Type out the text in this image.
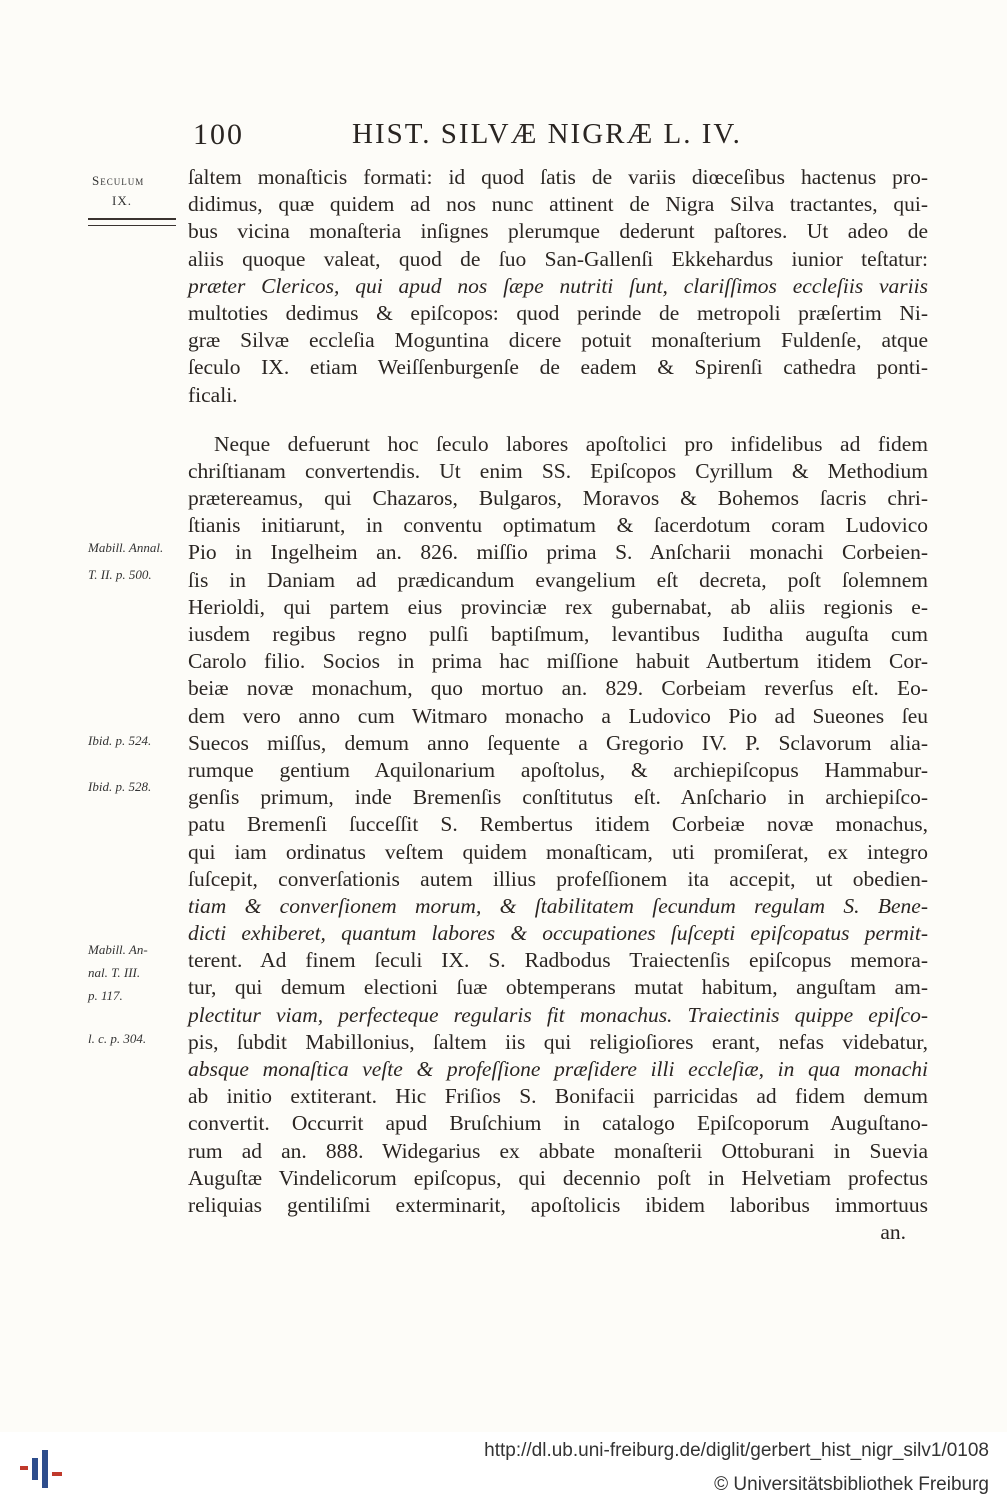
100	HIST. SILVÆ NIGRÆ L. IV.
Seculum
IX.
Mabill. Annal.
T. II. p. 500.
Ibid. p. 524.
Ibid. p. 528.
Mabill. An-
nal. T. III.
p. 117.
l. c. p. 304.
ſaltem monaſticis formati: id quod ſatis de variis diœceſibus hactenus pro-
didimus, quæ quidem ad nos nunc attinent de Nigra Silva tractantes, qui-
bus vicina monaſteria inſignes plerumque dederunt paſtores. Ut adeo de
aliis quoque valeat, quod de ſuo San-Gallenſi Ekkehardus iunior teſtatur:
præter Clericos, qui apud nos ſæpe nutriti ſunt, clariſſimos eccleſiis variis
multoties dedimus & epiſcopos: quod perinde de metropoli præſertim Ni-
græ Silvæ eccleſia Moguntina dicere potuit monaſterium Fuldenſe, atque
ſeculo IX. etiam Weiſſenburgenſe de eadem & Spirenſi cathedra ponti-
ficali.
Neque defuerunt hoc ſeculo labores apoſtolici pro infidelibus ad fidem
chriſtianam convertendis. Ut enim SS. Epiſcopos Cyrillum & Methodium
prætereamus, qui Chazaros, Bulgaros, Moravos & Bohemos ſacris chri-
ſtianis initiarunt, in conventu optimatum & ſacerdotum coram Ludovico
Pio in Ingelheim an. 826. miſſio prima S. Anſcharii monachi Corbeien-
ſis in Daniam ad prædicandum evangelium eſt decreta, poſt ſolemnem
Herioldi, qui partem eius provinciæ rex gubernabat, ab aliis regionis e-
iusdem regibus regno pulſi baptiſmum, levantibus Iuditha auguſta cum
Carolo filio. Socios in prima hac miſſione habuit Autbertum itidem Cor-
beiæ novæ monachum, quo mortuo an. 829. Corbeiam reverſus eſt. Eo-
dem vero anno cum Witmaro monacho a Ludovico Pio ad Sueones ſeu
Suecos miſſus, demum anno ſequente a Gregorio IV. P. Sclavorum alia-
rumque gentium Aquilonarium apoſtolus, & archiepiſcopus Hammabur-
genſis primum, inde Bremenſis conſtitutus eſt. Anſchario in archiepiſco-
patu Bremenſi ſucceſſit S. Rembertus itidem Corbeiæ novæ monachus,
qui iam ordinatus veſtem quidem monaſticam, uti promiſerat, ex integro
ſuſcepit, converſationis autem illius profeſſionem ita accepit, ut obedien-
tiam & converſionem morum, & ſtabilitatem ſecundum regulam S. Bene-
dicti exhiberet, quantum labores & occupationes ſuſcepti epiſcopatus permit-
terent. Ad finem ſeculi IX. S. Radbodus Traiectenſis epiſcopus memora-
tur, qui demum electioni ſuæ obtemperans mutat habitum, anguſtam am-
plectitur viam, perfecteque regularis fit monachus. Traiectinis quippe epiſco-
pis, ſubdit Mabillonius, ſaltem iis qui religioſiores erant, nefas videbatur,
absque monaſtica veſte & profeſſione præſidere illi eccleſiæ, in qua monachi
ab initio extiterant. Hic Friſios S. Bonifacii parricidas ad fidem demum
convertit. Occurrit apud Bruſchium in catalogo Epiſcoporum Auguſtano-
rum ad an. 888. Widegarius ex abbate monaſterii Ottoburani in Suevia
Auguſtæ Vindelicorum epiſcopus, qui decennio poſt in Helvetiam profectus
reliquias gentiliſmi exterminarit, apoſtolicis ibidem laboribus immortuus
an.
http://dl.ub.uni-freiburg.de/diglit/gerbert_hist_nigr_silv1/0108
© Universitätsbibliothek Freiburg
